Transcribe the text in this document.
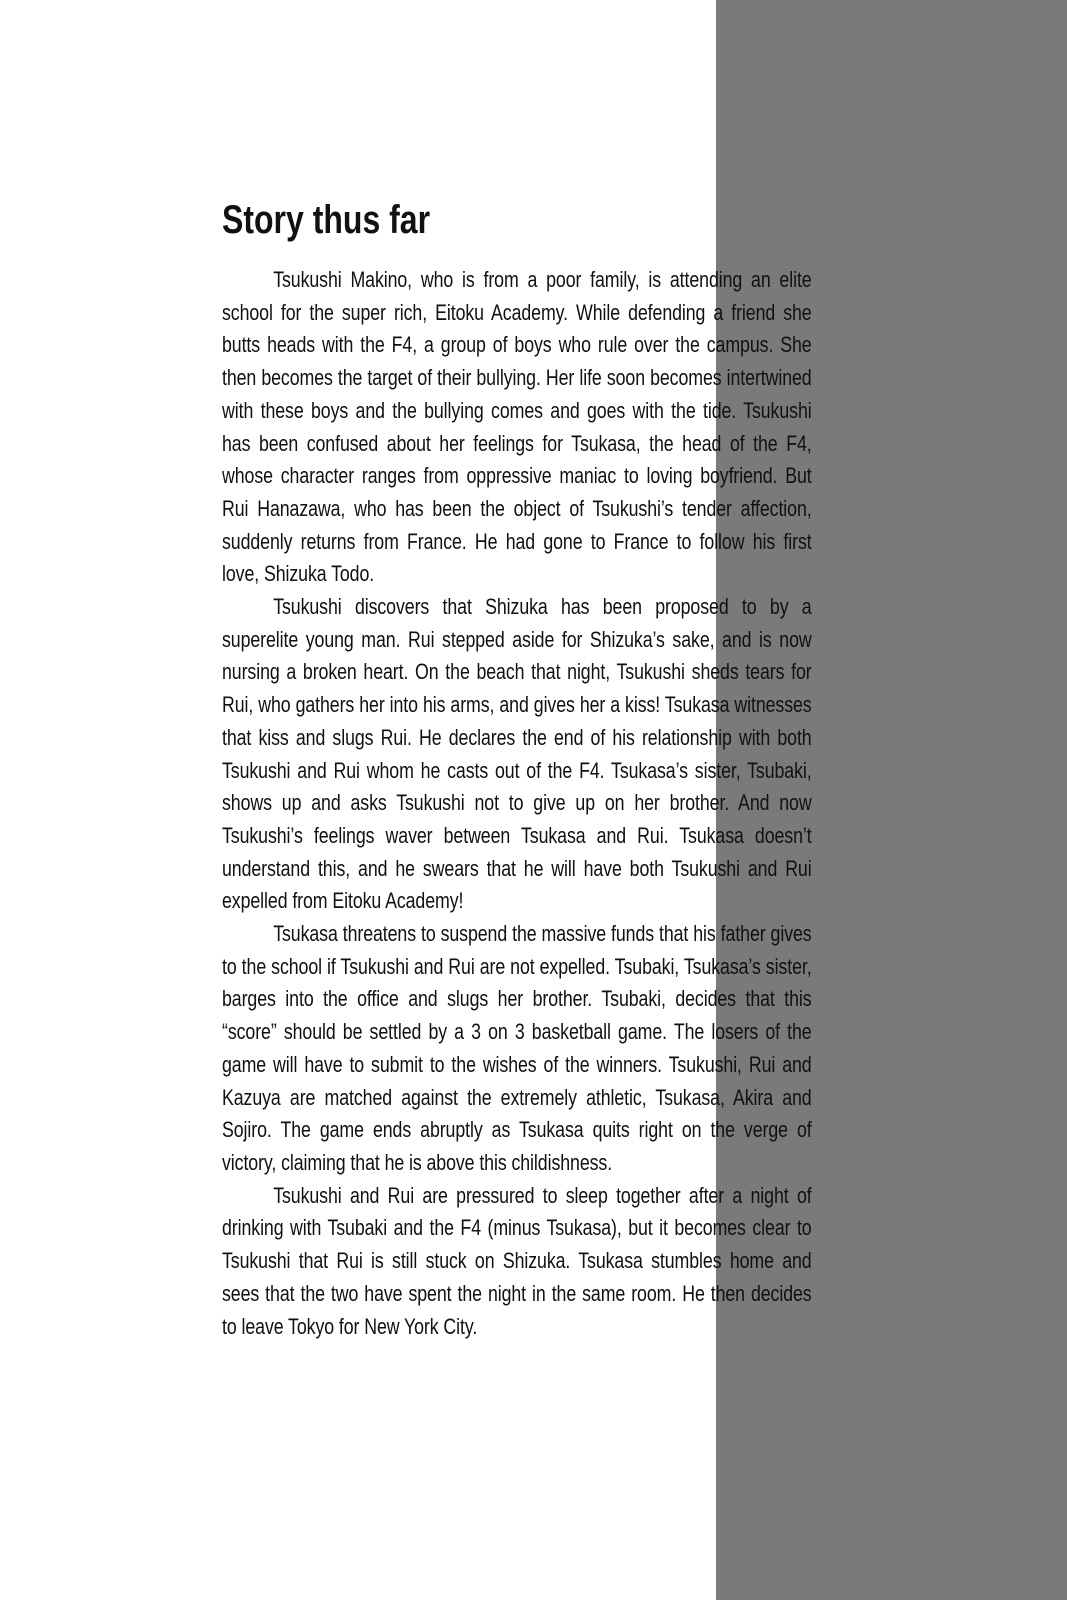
Story thus far

Tsukushi Makino, who is from a poor family, is attending an elite school for the super rich, Eitoku Academy. While defending a friend she butts heads with the F4, a group of boys who rule over the campus. She then becomes the target of their bullying. Her life soon becomes intertwined with these boys and the bullying comes and goes with the tide. Tsukushi has been confused about her feelings for Tsukasa, the head of the F4, whose character ranges from oppressive maniac to loving boyfriend. But Rui Hanazawa, who has been the object of Tsukushi’s tender affection, suddenly returns from France. He had gone to France to follow his first love, Shizuka Todo.

Tsukushi discovers that Shizuka has been proposed to by a superelite young man. Rui stepped aside for Shizuka’s sake, and is now nursing a broken heart. On the beach that night, Tsukushi sheds tears for Rui, who gathers her into his arms, and gives her a kiss! Tsukasa witnesses that kiss and slugs Rui. He declares the end of his relationship with both Tsukushi and Rui whom he casts out of the F4. Tsukasa’s sister, Tsubaki, shows up and asks Tsukushi not to give up on her brother. And now Tsukushi’s feelings waver between Tsukasa and Rui. Tsukasa doesn’t understand this, and he swears that he will have both Tsukushi and Rui expelled from Eitoku Academy!

Tsukasa threatens to suspend the massive funds that his father gives to the school if Tsukushi and Rui are not expelled. Tsubaki, Tsukasa’s sister, barges into the office and slugs her brother. Tsubaki, decides that this “score” should be settled by a 3 on 3 basketball game. The losers of the game will have to submit to the wishes of the winners. Tsukushi, Rui and Kazuya are matched against the extremely athletic, Tsukasa, Akira and Sojiro. The game ends abruptly as Tsukasa quits right on the verge of victory, claiming that he is above this childishness.

Tsukushi and Rui are pressured to sleep together after a night of drinking with Tsubaki and the F4 (minus Tsukasa), but it becomes clear to Tsukushi that Rui is still stuck on Shizuka. Tsukasa stumbles home and sees that the two have spent the night in the same room. He then decides to leave Tokyo for New York City.
